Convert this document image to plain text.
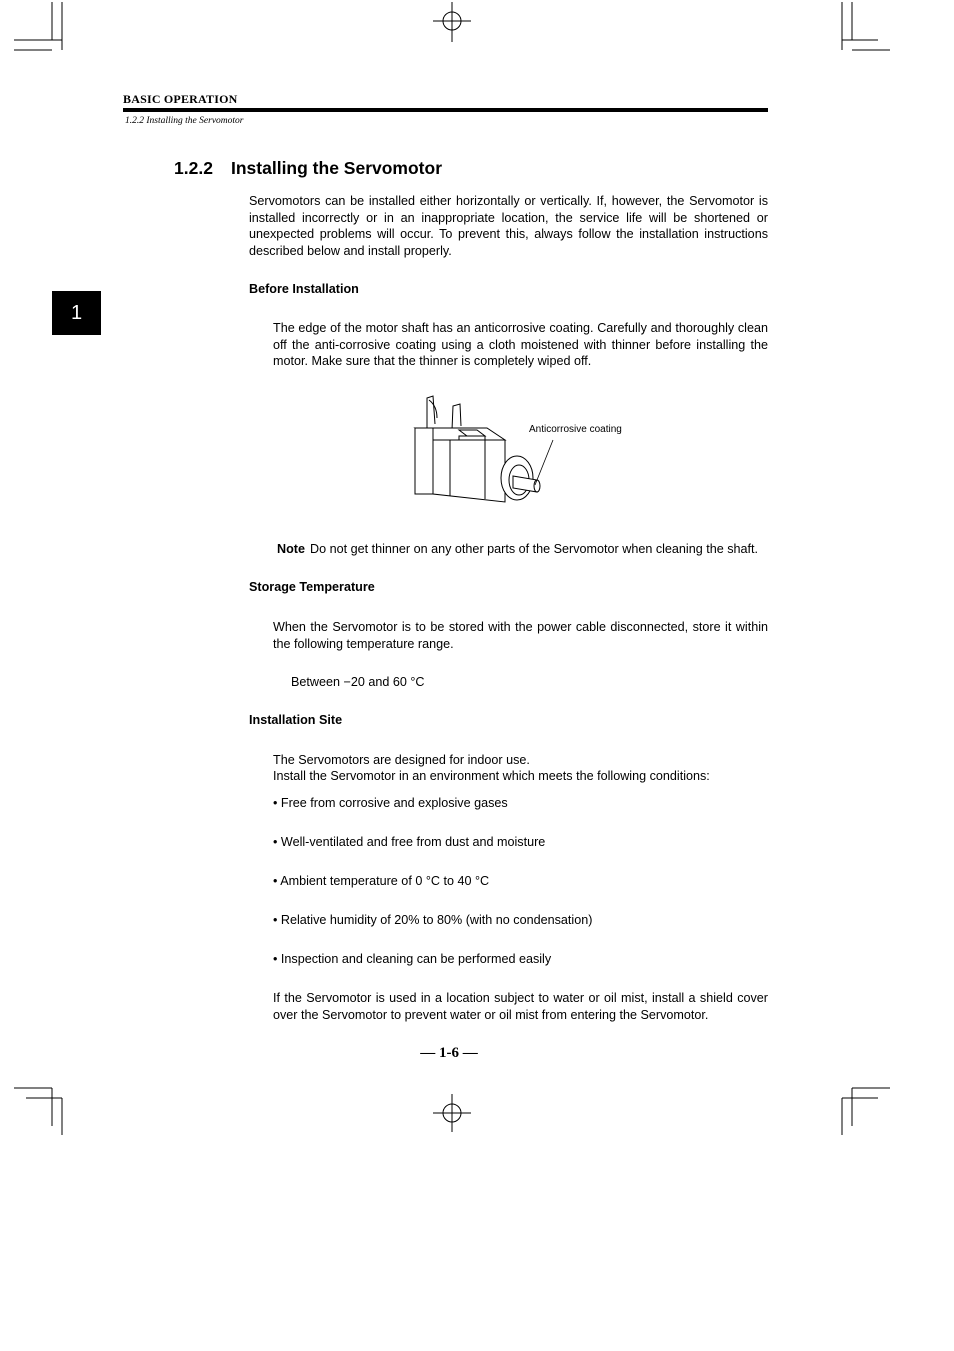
BASIC OPERATION
1.2.2 Installing the Servomotor
1
1.2.2 Installing the Servomotor
Servomotors can be installed either horizontally or vertically. If, however, the Servomotor is installed incorrectly or in an inappropriate location, the service life will be shortened or unexpected problems will occur. To prevent this, always follow the installation instructions described below and install properly.
Before Installation
The edge of the motor shaft has an anticorrosive coating. Carefully and thoroughly clean off the anti-corrosive coating using a cloth moistened with thinner before installing the motor. Make sure that the thinner is completely wiped off.
Anticorrosive coating
Note Do not get thinner on any other parts of the Servomotor when cleaning the shaft.
Storage Temperature
When the Servomotor is to be stored with the power cable disconnected, store it within the following temperature range.
Between −20 and 60 °C
Installation Site
The Servomotors are designed for indoor use.
Install the Servomotor in an environment which meets the following conditions:
• Free from corrosive and explosive gases
• Well-ventilated and free from dust and moisture
• Ambient temperature of 0 °C to 40 °C
• Relative humidity of 20% to 80% (with no condensation)
• Inspection and cleaning can be performed easily
If the Servomotor is used in a location subject to water or oil mist, install a shield cover over the Servomotor to prevent water or oil mist from entering the Servomotor.
— 1-6 —
